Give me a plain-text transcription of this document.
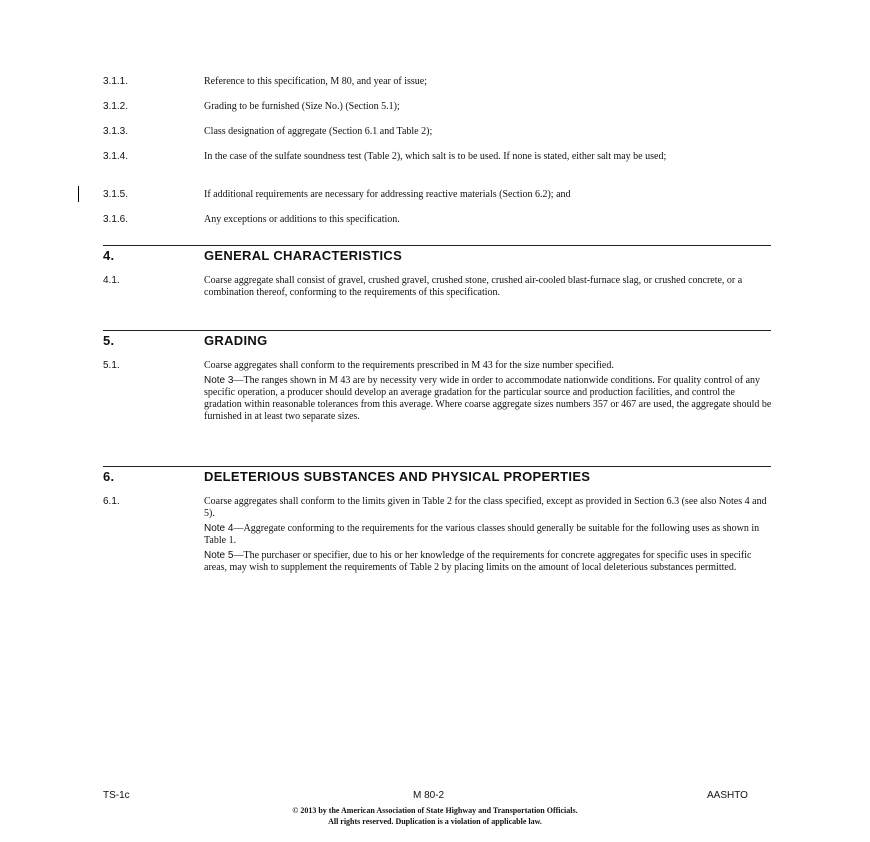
3.1.1.	Reference to this specification, M 80, and year of issue;

3.1.2.	Grading to be furnished (Size No.) (Section 5.1);

3.1.3.	Class designation of aggregate (Section 6.1 and Table 2);

3.1.4.	In the case of the sulfate soundness test (Table 2), which salt is to be used. If none is stated, either salt may be used;

3.1.5.	If additional requirements are necessary for addressing reactive materials (Section 6.2); and

3.1.6.	Any exceptions or additions to this specification.

4.	GENERAL CHARACTERISTICS
4.1.	Coarse aggregate shall consist of gravel, crushed gravel, crushed stone, crushed air-cooled blast-furnace slag, or crushed concrete, or a combination thereof, conforming to the requirements of this specification.

5.	GRADING
5.1.	Coarse aggregates shall conform to the requirements prescribed in M 43 for the size number specified.

Note 3—The ranges shown in M 43 are by necessity very wide in order to accommodate nationwide conditions. For quality control of any specific operation, a producer should develop an average gradation for the particular source and production facilities, and control the gradation within reasonable tolerances from this average. Where coarse aggregate sizes numbers 357 or 467 are used, the aggregate should be furnished in at least two separate sizes.

6.	DELETERIOUS SUBSTANCES AND PHYSICAL PROPERTIES
6.1.	Coarse aggregates shall conform to the limits given in Table 2 for the class specified, except as provided in Section 6.3 (see also Notes 4 and 5).

Note 4—Aggregate conforming to the requirements for the various classes should generally be suitable for the following uses as shown in Table 1.

Note 5—The purchaser or specifier, due to his or her knowledge of the requirements for concrete aggregates for specific uses in specific areas, may wish to supplement the requirements of Table 2 by placing limits on the amount of local deleterious substances permitted.

TS-1c	M 80-2	AASHTO
© 2013 by the American Association of State Highway and Transportation Officials.
All rights reserved. Duplication is a violation of applicable law.
